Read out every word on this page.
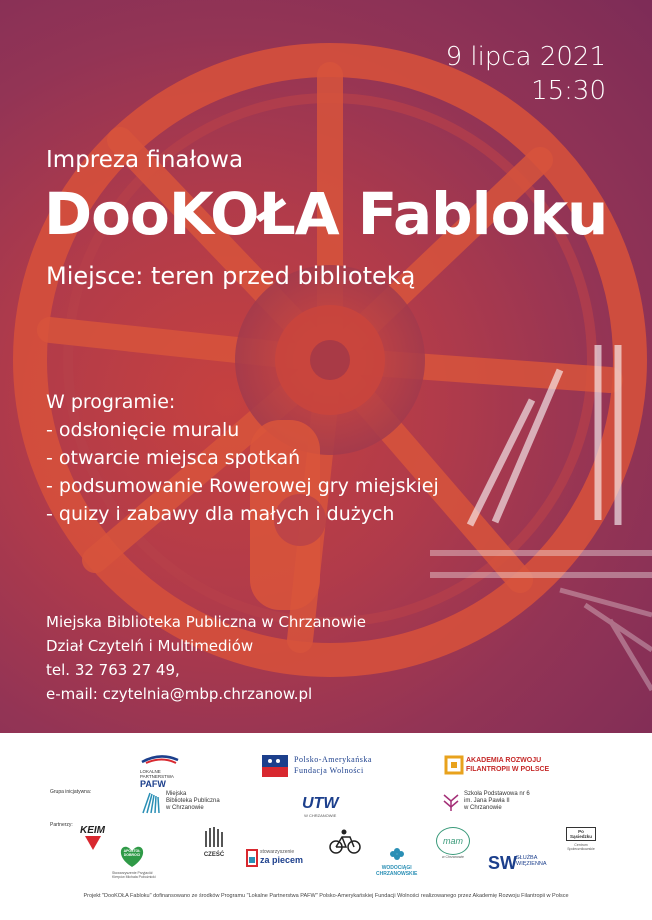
9 lipca 2021
15:30
Impreza finałowa
DooKOŁA Fabloku
Miejsce: teren przed biblioteką
W programie:
- odsłonięcie muralu
- otwarcie miejsca spotkań
- podsumowanie Rowerowej gry miejskiej
- quizy i zabawy dla małych i dużych
Miejska Biblioteka Publiczna w Chrzanowie
Dział Czytelń i Multimediów
tel. 32 763 27 49,
e-mail: czytelnia@mbp.chrzanow.pl
LOKALNE
PARTNERSTWA
PAFW
Polsko-Amerykańska
Fundacja Wolności
AKADEMIA ROZWOJU
FILANTROPII W POLSCE
Grupa inicjatywna:	Miejska
Biblioteka Publiczna
w Chrzanowie	UTW
W CHRZANOWIE
Szkoła Podstawowa nr 6
im. Jana Pawła II
w Chrzanowie
Partnerzy: KEIM
APOSTOŁ
DOBROCI
Stowarzyszenie Przyjaciół
Kierpów Michała Pobożnicki
CZEŚĆ	stowarzyszenie
za piecem
WODOCIĄGI
CHRZANOWSKIE
mam
w Chrzanowie	SW SŁUŻBA
WIĘZIENNA
Po
Sąsiedzku
Centrum
Społecznikowskie
Projekt "DooKOŁA Fabloku" dofinansowano ze środków Programu "Lokalne Partnerstwa PAFW" Polsko-Amerykańskiej Fundacji Wolności realizowanego przez Akademię Rozwoju Filantropii w Polsce
